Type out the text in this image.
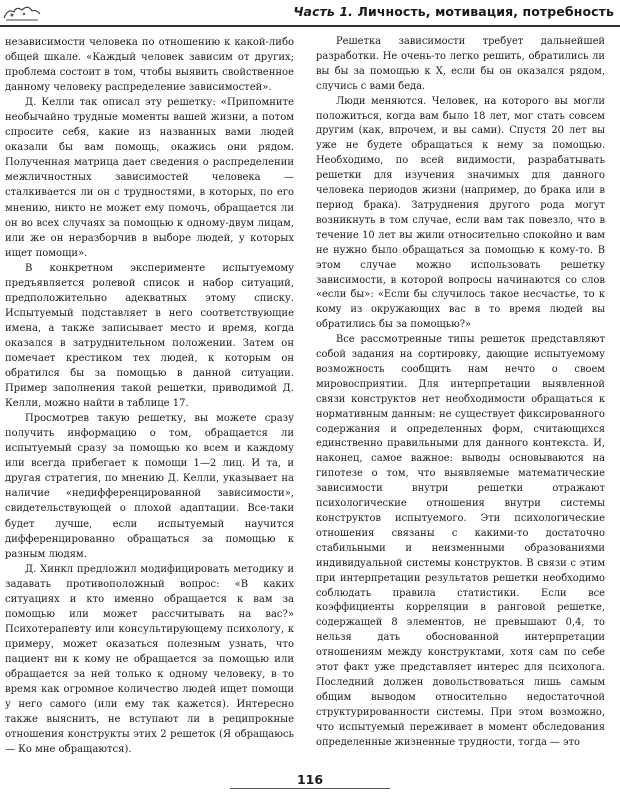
Часть 1. Личность, мотивация, потребность

независимости человека по отношению к какой-либо общей шкале. «Каждый человек зависим от других; проблема состоит в том, чтобы выявить свойственное данному человеку распределение зависимостей».

Д. Келли так описал эту решетку: «Припомните необычайно трудные моменты вашей жизни, а потом спросите себя, какие из названных вами людей оказали бы вам помощь, окажись они рядом. Полученная матрица дает сведения о распределении межличностных зависимостей человека — сталкивается ли он с трудностями, в которых, по его мнению, никто не может ему помочь, обращается ли он во всех случаях за помощью к одному-двум лицам, или же он неразборчив в выборе людей, у которых ищет помощи».

В конкретном эксперименте испытуемому предъявляется ролевой список и набор ситуаций, предположительно адекватных этому списку. Испытуемый подставляет в него соответствующие имена, а также записывает место и время, когда оказался в затруднительном положении. Затем он помечает крестиком тех людей, к которым он обратился бы за помощью в данной ситуации. Пример заполнения такой решетки, приводимой Д. Келли, можно найти в таблице 17.

Просмотрев такую решетку, вы можете сразу получить информацию о том, обращается ли испытуемый сразу за помощью ко всем и каждому или всегда прибегает к помощи 1—2 лиц. И та, и другая стратегия, по мнению Д. Келли, указывает на наличие «недифференцированной зависимости», свидетельствующей о плохой адаптации. Все-таки будет лучше, если испытуемый научится дифференцированно обращаться за помощью к разным людям.

Д. Хинкл предложил модифицировать методику и задавать противоположный вопрос: «В каких ситуациях и кто именно обращается к вам за помощью или может рассчитывать на вас?» Психотерапевту или консультирующему психологу, к примеру, может оказаться полезным узнать, что пациент ни к кому не обращается за помощью или обращается за ней только к одному человеку, в то время как огромное количество людей ищет помощи у него самого (или ему так кажется). Интересно также выяснить, не вступают ли в реципрокные отношения конструкты этих 2 решеток (Я обращаюсь — Ко мне обращаются).

Решетка зависимости требует дальнейшей разработки. Не очень-то легко решить, обратились ли вы бы за помощью к X, если бы он оказался рядом, случись с вами беда.

Люди меняются. Человек, на которого вы могли положиться, когда вам было 18 лет, мог стать совсем другим (как, впрочем, и вы сами). Спустя 20 лет вы уже не будете обращаться к нему за помощью. Необходимо, по всей видимости, разрабатывать решетки для изучения значимых для данного человека периодов жизни (например, до брака или в период брака). Затруднения другого рода могут возникнуть в том случае, если вам так повезло, что в течение 10 лет вы жили относительно спокойно и вам не нужно было обращаться за помощью к кому-то. В этом случае можно использовать решетку зависимости, в которой вопросы начинаются со слов «если бы»: «Если бы случилось такое несчастье, то к кому из окружающих вас в то время людей вы обратились бы за помощью?»

Все рассмотренные типы решеток представляют собой задания на сортировку, дающие испытуемому возможность сообщить нам нечто о своем мировосприятии. Для интерпретации выявленной связи конструктов нет необходимости обращаться к нормативным данным: не существует фиксированного содержания и определенных форм, считающихся единственно правильными для данного контекста. И, наконец, самое важное: выводы основываются на гипотезе о том, что выявляемые математические зависимости внутри решетки отражают психологические отношения внутри системы конструктов испытуемого. Эти психологические отношения связаны с какими-то достаточно стабильными и неизменными образованиями индивидуальной системы конструктов. В связи с этим при интерпретации результатов решетки необходимо соблюдать правила статистики. Если все коэффициенты корреляции в ранговой решетке, содержащей 8 элементов, не превышают 0,4, то нельзя дать обоснованной интерпретации отношениям между конструктами, хотя сам по себе этот факт уже представляет интерес для психолога. Последний должен довольствоваться лишь самым общим выводом относительно недостаточной структурированности системы. При этом возможно, что испытуемый переживает в момент обследования определенные жизненные трудности, тогда — это

116
